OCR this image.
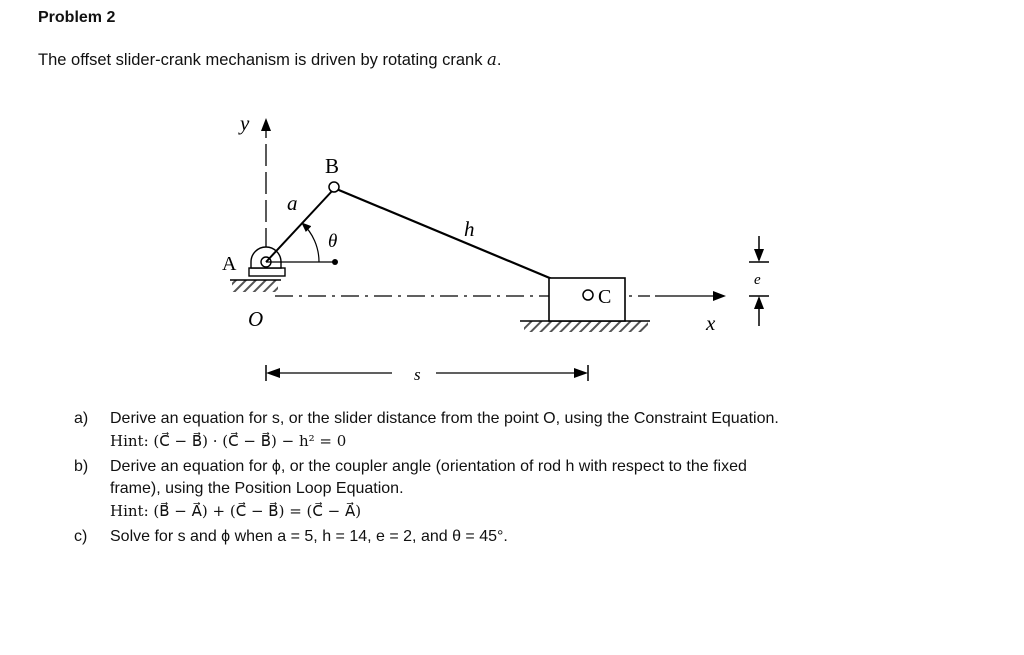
Problem 2
The offset slider-crank mechanism is driven by rotating crank a.
y
A
a
θ
B
h
C
x
O
e
s
a) Derive an equation for s, or the slider distance from the point O, using the Constraint Equation.

Hint: (C⃗ − B⃗) · (C⃗ − B⃗) − h² = 0

b) Derive an equation for ϕ, or the coupler angle (orientation of rod h with respect to the fixed

frame), using the Position Loop Equation.

Hint: (B⃗ − A⃗) + (C⃗ − B⃗) = (C⃗ − A⃗)

c) Solve for s and ϕ when a = 5, h = 14, e = 2, and θ = 45°.
